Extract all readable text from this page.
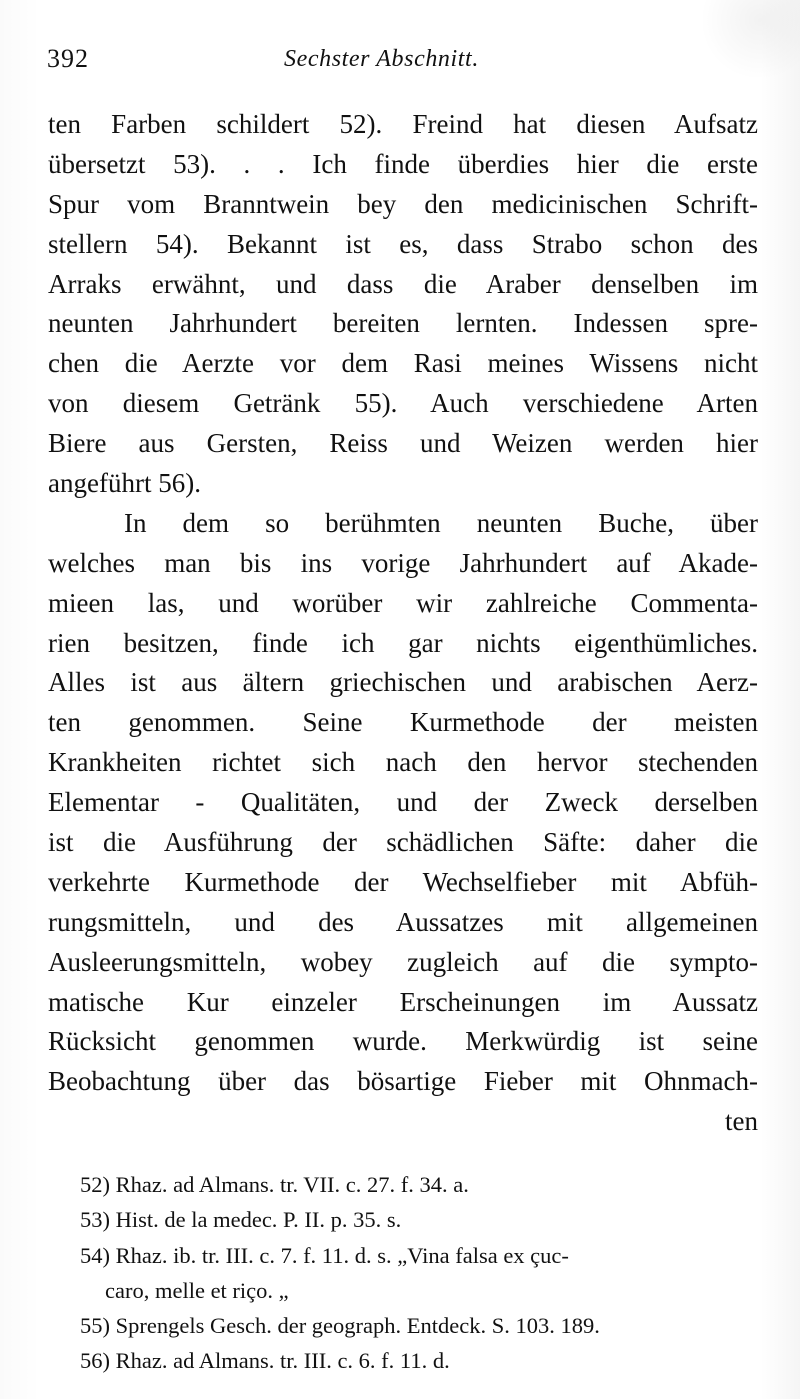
392	Sechster Abschnitt.
ten Farben schildert 52). Freind hat diesen Aufsatz
übersetzt 53). . . Ich finde überdies hier die erste
Spur vom Branntwein bey den medicinischen Schrift-
stellern 54). Bekannt ist es, dass Strabo schon des
Arraks erwähnt, und dass die Araber denselben im
neunten Jahrhundert bereiten lernten. Indessen spre-
chen die Aerzte vor dem Rasi meines Wissens nicht
von diesem Getränk 55). Auch verschiedene Arten
Biere aus Gersten, Reiss und Weizen werden hier
angeführt 56).
In dem so berühmten neunten Buche, über
welches man bis ins vorige Jahrhundert auf Akade-
mieen las, und worüber wir zahlreiche Commenta-
rien besitzen, finde ich gar nichts eigenthümliches.
Alles ist aus ältern griechischen und arabischen Aerz-
ten genommen. Seine Kurmethode der meisten
Krankheiten richtet sich nach den hervor stechenden
Elementar - Qualitäten, und der Zweck derselben
ist die Ausführung der schädlichen Säfte: daher die
verkehrte Kurmethode der Wechselfieber mit Abfüh-
rungsmitteln, und des Aussatzes mit allgemeinen
Ausleerungsmitteln, wobey zugleich auf die sympto-
matische Kur einzeler Erscheinungen im Aussatz
Rücksicht genommen wurde. Merkwürdig ist seine
Beobachtung über das bösartige Fieber mit Ohnmach-
ten
52) Rhaz. ad Almans. tr. VII. c. 27. f. 34. a.
53) Hist. de la medec. P. II. p. 35. s.
54) Rhaz. ib. tr. III. c. 7. f. 11. d. s. „Vina falsa ex çuc-
caro, melle et riço. „
55) Sprengels Gesch. der geograph. Entdeck. S. 103. 189.
56) Rhaz. ad Almans. tr. III. c. 6. f. 11. d.
